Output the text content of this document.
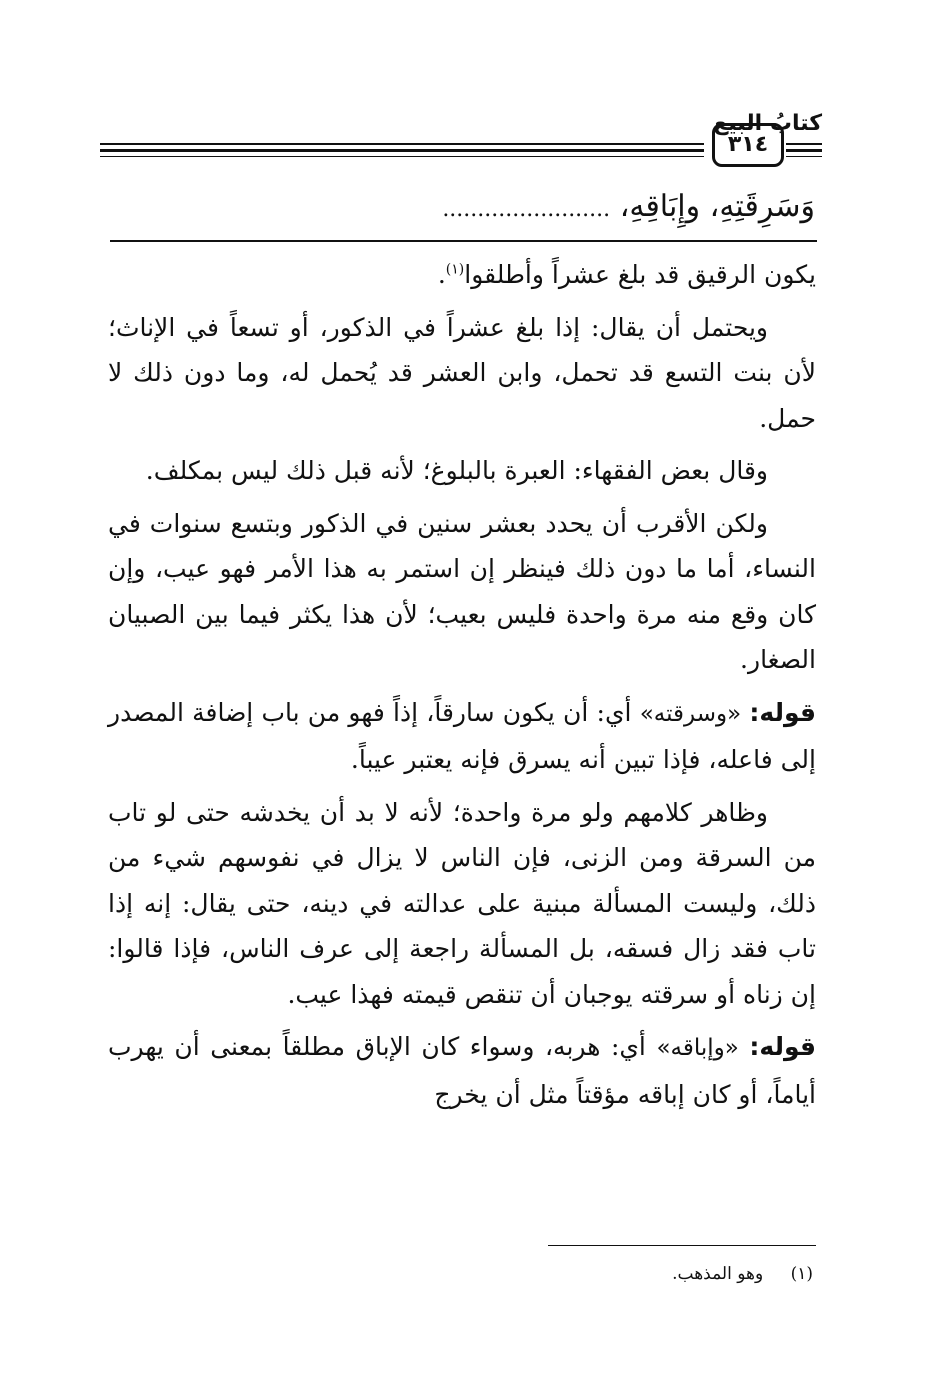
٣١٤
كتابُ البيع
وَسَرِقَتِهِ، وإِبَاقِهِ، ........................

يكون الرقيق قد بلغ عشراً وأطلقوا$^{(١)}$.

ويحتمل أن يقال: إذا بلغ عشراً في الذكور، أو تسعاً في الإناث؛ لأن بنت التسع قد تحمل، وابن العشر قد يُحمل له، وما دون ذلك لا حمل.

وقال بعض الفقهاء: العبرة بالبلوغ؛ لأنه قبل ذلك ليس بمكلف.

ولكن الأقرب أن يحدد بعشر سنين في الذكور وبتسع سنوات في النساء، أما ما دون ذلك فينظر إن استمر به هذا الأمر فهو عيب، وإن كان وقع منه مرة واحدة فليس بعيب؛ لأن هذا يكثر فيما بين الصبيان الصغار.

قوله: «وسرقته» أي: أن يكون سارقاً، إذاً فهو من باب إضافة المصدر إلى فاعله، فإذا تبين أنه يسرق فإنه يعتبر عيباً.

وظاهر كلامهم ولو مرة واحدة؛ لأنه لا بد أن يخدشه حتى لو تاب من السرقة ومن الزنى، فإن الناس لا يزال في نفوسهم شيء من ذلك، وليست المسألة مبنية على عدالته في دينه، حتى يقال: إنه إذا تاب فقد زال فسقه، بل المسألة راجعة إلى عرف الناس، فإذا قالوا: إن زناه أو سرقته يوجبان أن تنقص قيمته فهذا عيب.

قوله: «وإباقه» أي: هربه، وسواء كان الإباق مطلقاً بمعنى أن يهرب أياماً، أو كان إباقه مؤقتاً مثل أن يخرج

(١) وهو المذهب.
